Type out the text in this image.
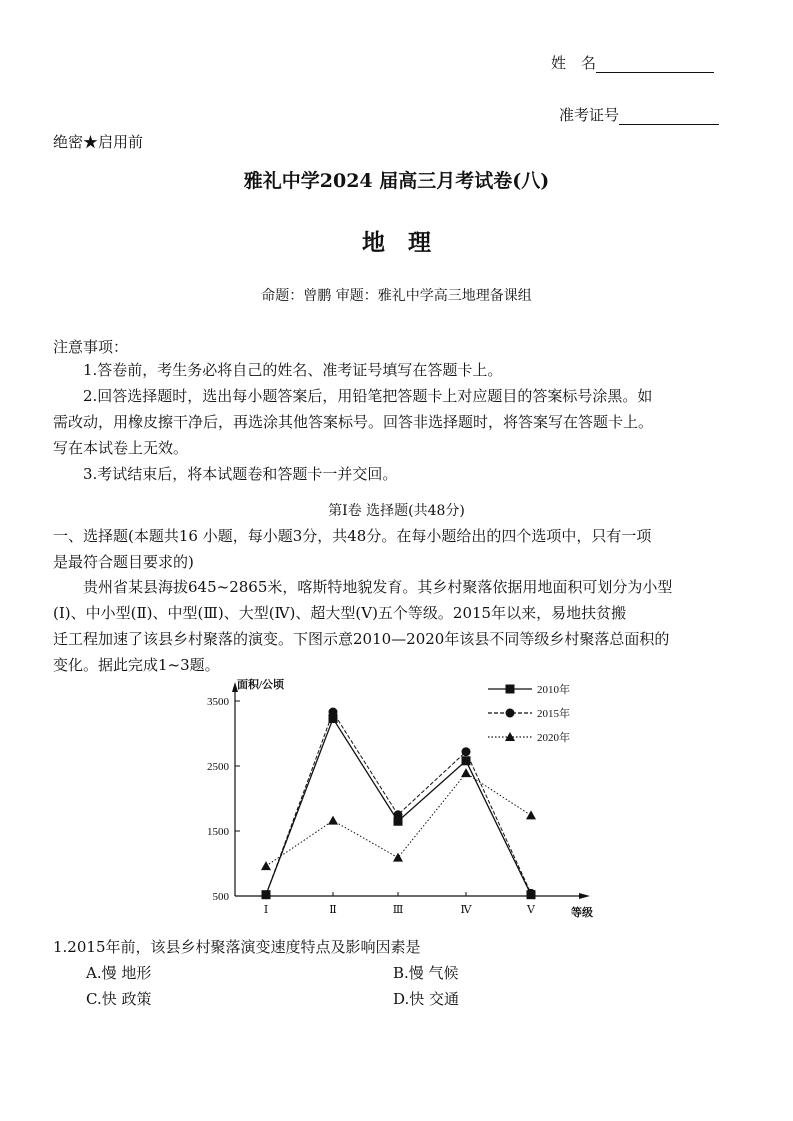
姓　名
准考证号
绝密★启用前
雅礼中学2024 届高三月考试卷(八)
地　理
命题：曾鹏 审题：雅礼中学高三地理备课组
注意事项：
1.答卷前，考生务必将自己的姓名、准考证号填写在答题卡上。
2.回答选择题时，选出每小题答案后，用铅笔把答题卡上对应题目的答案标号涂黑。如
需改动，用橡皮擦干净后，再选涂其他答案标号。回答非选择题时，将答案写在答题卡上。
写在本试卷上无效。
3.考试结束后，将本试题卷和答题卡一并交回。
第Ⅰ卷 选择题(共48分)
一、选择题(本题共16 小题，每小题3分，共48分。在每小题给出的四个选项中，只有一项
是最符合题目要求的)
贵州省某县海拔645~2865米，喀斯特地貌发育。其乡村聚落依据用地面积可划分为小型
(Ⅰ)、中小型(Ⅱ)、中型(Ⅲ)、大型(Ⅳ)、超大型(Ⅴ)五个等级。2015年以来，易地扶贫搬
迁工程加速了该县乡村聚落的演变。下图示意2010—2020年该县不同等级乡村聚落总面积的
变化。据此完成1~3题。
500
1500
2500
3500
Ⅰ	Ⅱ	Ⅲ	Ⅳ	Ⅴ
面积/公顷
等级
2010年
2015年
2020年
1.2015年前，该县乡村聚落演变速度特点及影响因素是
A.慢 地形	B.慢 气候
C.快 政策	D.快 交通
